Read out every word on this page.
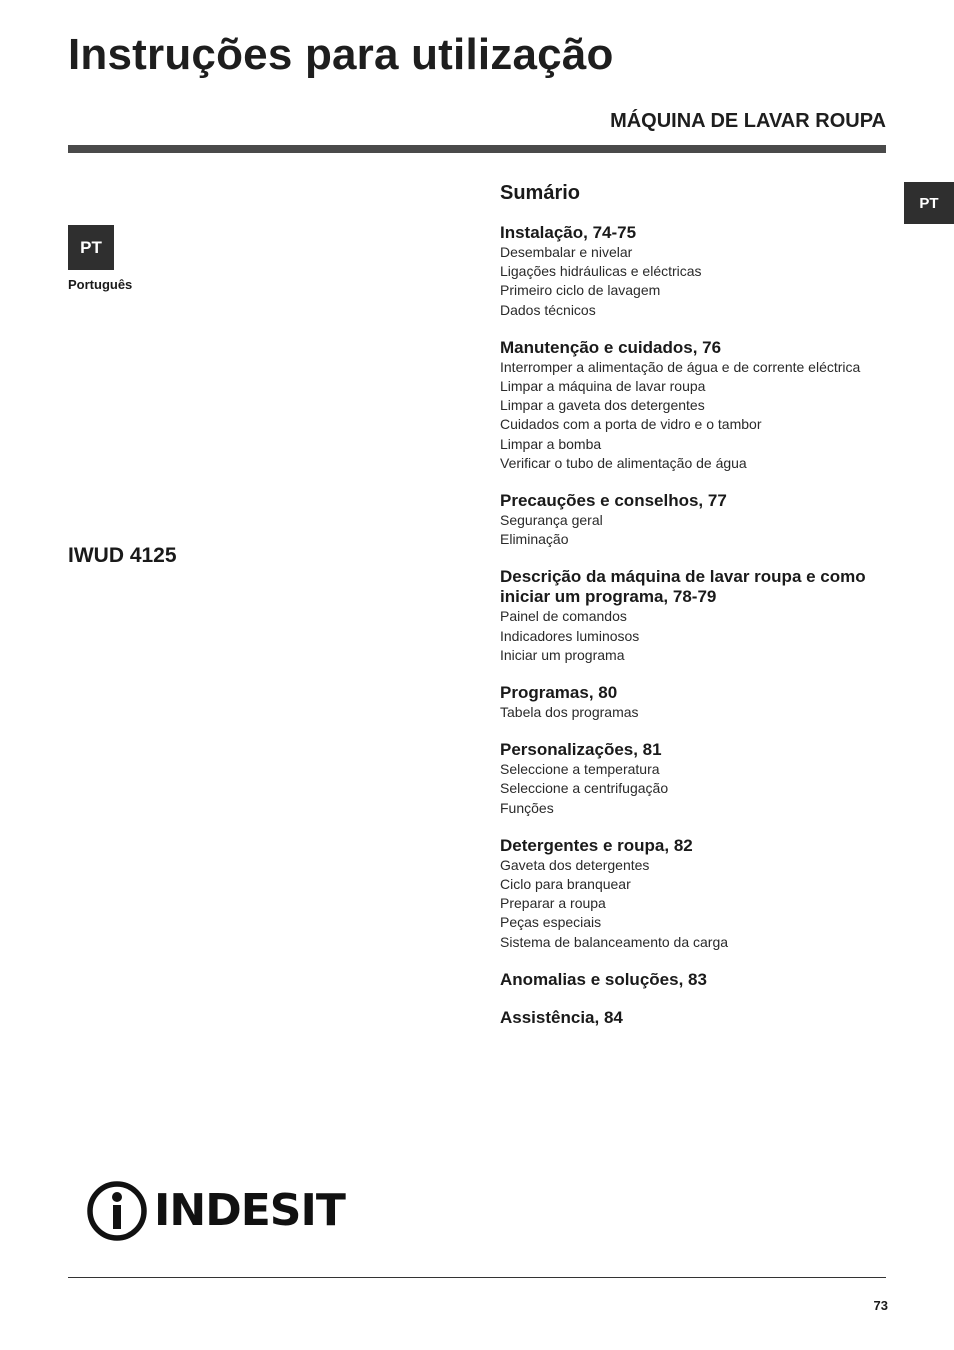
Instruções para utilização
MÁQUINA DE LAVAR ROUPA
PT
PT
Português
IWUD 4125
Sumário
Instalação, 74-75
Desembalar e nivelar
Ligações hidráulicas e eléctricas
Primeiro ciclo de lavagem
Dados técnicos
Manutenção e cuidados, 76
Interromper a alimentação de água e de corrente eléctrica
Limpar a máquina de lavar roupa
Limpar a gaveta dos detergentes
Cuidados com a porta de vidro e o tambor
Limpar a bomba
Verificar o tubo de alimentação de água
Precauções e conselhos, 77
Segurança geral
Eliminação
Descrição da máquina de lavar roupa e como iniciar um programa, 78-79
Painel de comandos
Indicadores luminosos
Iniciar um programa
Programas, 80
Tabela dos programas
Personalizações, 81
Seleccione a temperatura
Seleccione a centrifugação
Funções
Detergentes e roupa, 82
Gaveta dos detergentes
Ciclo para branquear
Preparar a roupa
Peças especiais
Sistema de balanceamento da carga
Anomalias e soluções, 83
Assistência, 84
INDESIT
73
